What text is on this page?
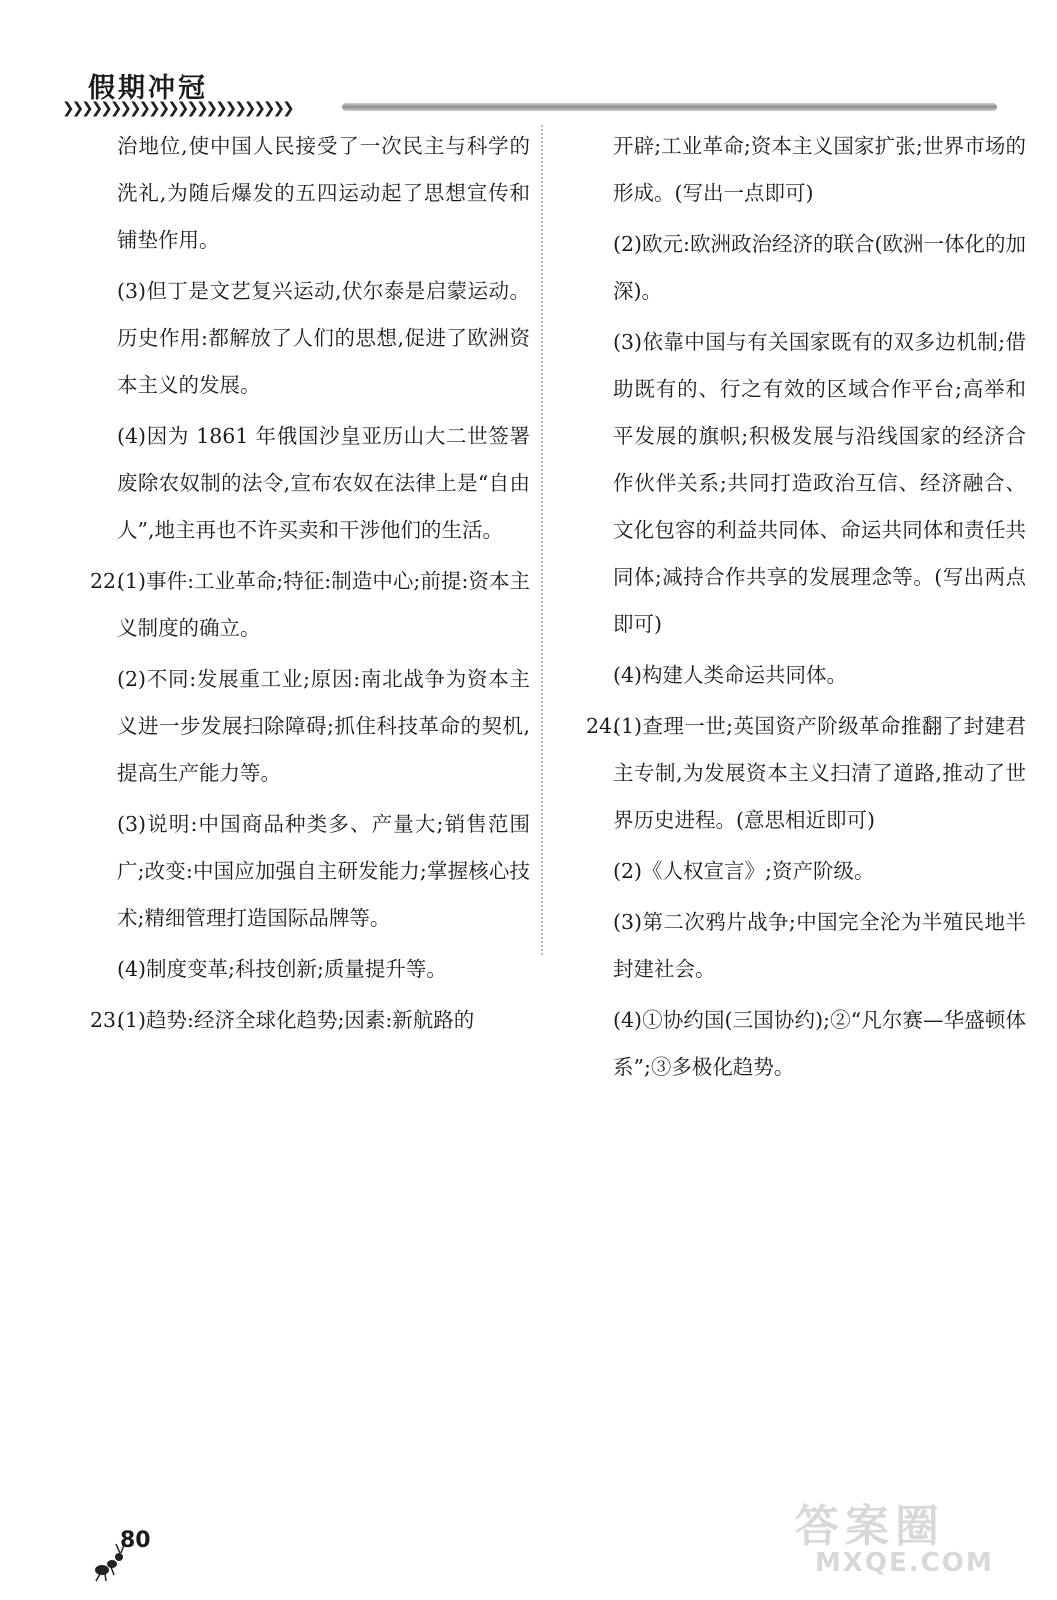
假期冲冠
❯❯❯❯❯❯❯❯❯❯❯❯❯❯❯❯❯❯❯❯❯❯❯❯

治地位,使中国人民接受了一次民主与科学的洗礼,为随后爆发的五四运动起了思想宣传和铺垫作用。

(3)但丁是文艺复兴运动,伏尔泰是启蒙运动。历史作用:都解放了人们的思想,促进了欧洲资本主义的发展。

(4)因为 1861 年俄国沙皇亚历山大二世签署废除农奴制的法令,宣布农奴在法律上是“自由人”,地主再也不许买卖和干涉他们的生活。

22.

(1)事件:工业革命;特征:制造中心;前提:资本主义制度的确立。

(2)不同:发展重工业;原因:南北战争为资本主义进一步发展扫除障碍;抓住科技革命的契机,提高生产能力等。

(3)说明:中国商品种类多、产量大;销售范围广;改变:中国应加强自主研发能力;掌握核心技术;精细管理打造国际品牌等。

(4)制度变革;科技创新;质量提升等。

23.

(1)趋势:经济全球化趋势;因素:新航路的

开辟;工业革命;资本主义国家扩张;世界市场的形成。(写出一点即可)

(2)欧元:欧洲政治经济的联合(欧洲一体化的加深)。

(3)依靠中国与有关国家既有的双多边机制;借助既有的、行之有效的区域合作平台;高举和平发展的旗帜;积极发展与沿线国家的经济合作伙伴关系;共同打造政治互信、经济融合、文化包容的利益共同体、命运共同体和责任共同体;减持合作共享的发展理念等。(写出两点即可)

(4)构建人类命运共同体。

24.

(1)查理一世;英国资产阶级革命推翻了封建君主专制,为发展资本主义扫清了道路,推动了世界历史进程。(意思相近即可)

(2)《人权宣言》;资产阶级。

(3)第二次鸦片战争;中国完全沦为半殖民地半封建社会。

(4)①协约国(三国协约);②“凡尔赛—华盛顿体系”;③多极化趋势。

80	答案圈
MXQE.COM
